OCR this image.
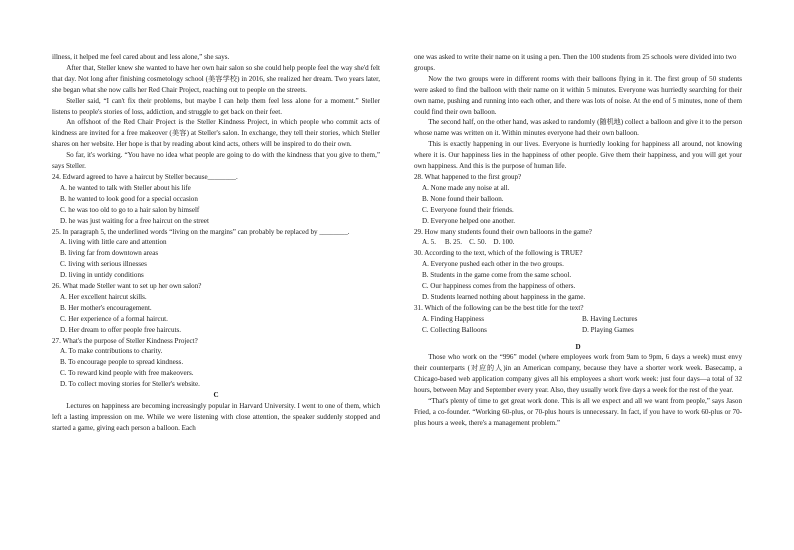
illness, it helped me feel cared about and less alone,” she says.

After that, Steller knew she wanted to have her own hair salon so she could help people feel the way she'd felt that day. Not long after finishing cosmetology school (美容学校) in 2016, she realized her dream. Two years later, she began what she now calls her Red Chair Project, reaching out to people on the streets.

Steller said, “I can't fix their problems, but maybe I can help them feel less alone for a moment.” Steller listens to people's stories of loss, addiction, and struggle to get back on their feet.

An offshoot of the Red Chair Project is the Steller Kindness Project, in which people who commit acts of kindness are invited for a free makeover (美容) at Steller's salon. In exchange, they tell their stories, which Steller shares on her website. Her hope is that by reading about kind acts, others will be inspired to do their own.

So far, it's working. “You have no idea what people are going to do with the kindness that you give to them,” says Steller.

24. Edward agreed to have a haircut by Steller because________.

A. he wanted to talk with Steller about his life

B. he wanted to look good for a special occasion

C. he was too old to go to a hair salon by himself

D. he was just waiting for a free haircut on the street

25. In paragraph 5, the underlined words “living on the margins” can probably be replaced by ________.

A. living with little care and attention

B. living far from downtown areas

C. living with serious illnesses

D. living in untidy conditions

26. What made Steller want to set up her own salon?

A. Her excellent haircut skills.

B. Her mother's encouragement.

C. Her experience of a formal haircut.

D. Her dream to offer people free haircuts.

27. What's the purpose of Steller Kindness Project?

A. To make contributions to charity.

B. To encourage people to spread kindness.

C. To reward kind people with free makeovers.

D. To collect moving stories for Steller's website.

C

Lectures on happiness are becoming increasingly popular in Harvard University. I went to one of them, which left a lasting impression on me. While we were listening with close attention, the speaker suddenly stopped and started a game, giving each person a balloon. Each

one was asked to write their name on it using a pen. Then the 100 students from 25 schools were divided into two groups.

Now the two groups were in different rooms with their balloons flying in it. The first group of 50 students were asked to find the balloon with their name on it within 5 minutes. Everyone was hurriedly searching for their own name, pushing and running into each other, and there was lots of noise. At the end of 5 minutes, none of them could find their own balloon.

The second half, on the other hand, was asked to randomly (随机地) collect a balloon and give it to the person whose name was written on it. Within minutes everyone had their own balloon.

This is exactly happening in our lives. Everyone is hurriedly looking for happiness all around, not knowing where it is. Our happiness lies in the happiness of other people. Give them their happiness, and you will get your own happiness. And this is the purpose of human life.

28. What happened to the first group?

A. None made any noise at all.

B. None found their balloon.

C. Everyone found their friends.

D. Everyone helped one another.

29. How many students found their own balloons in the game?

A. 5. B. 25. C. 50. D. 100.

30. According to the text, which of the following is TRUE?

A. Everyone pushed each other in the two groups.

B. Students in the game come from the same school.

C. Our happiness comes from the happiness of others.

D. Students learned nothing about happiness in the game.

31. Which of the following can be the best title for the text?

A. Finding Happiness	B. Having Lectures
C. Collecting Balloons	D. Playing Games

D

Those who work on the “996” model (where employees work from 9am to 9pm, 6 days a week) must envy their counterparts (对应的人)in an American company, because they have a shorter work week. Basecamp, a Chicago-based web application company gives all his employees a short work week: just four days—a total of 32 hours, between May and September every year. Also, they usually work five days a week for the rest of the year.

“That's plenty of time to get great work done. This is all we expect and all we want from people,” says Jason Fried, a co-founder. “Working 60-plus, or 70-plus hours is unnecessary. In fact, if you have to work 60-plus or 70-plus hours a week, there's a management problem.”
